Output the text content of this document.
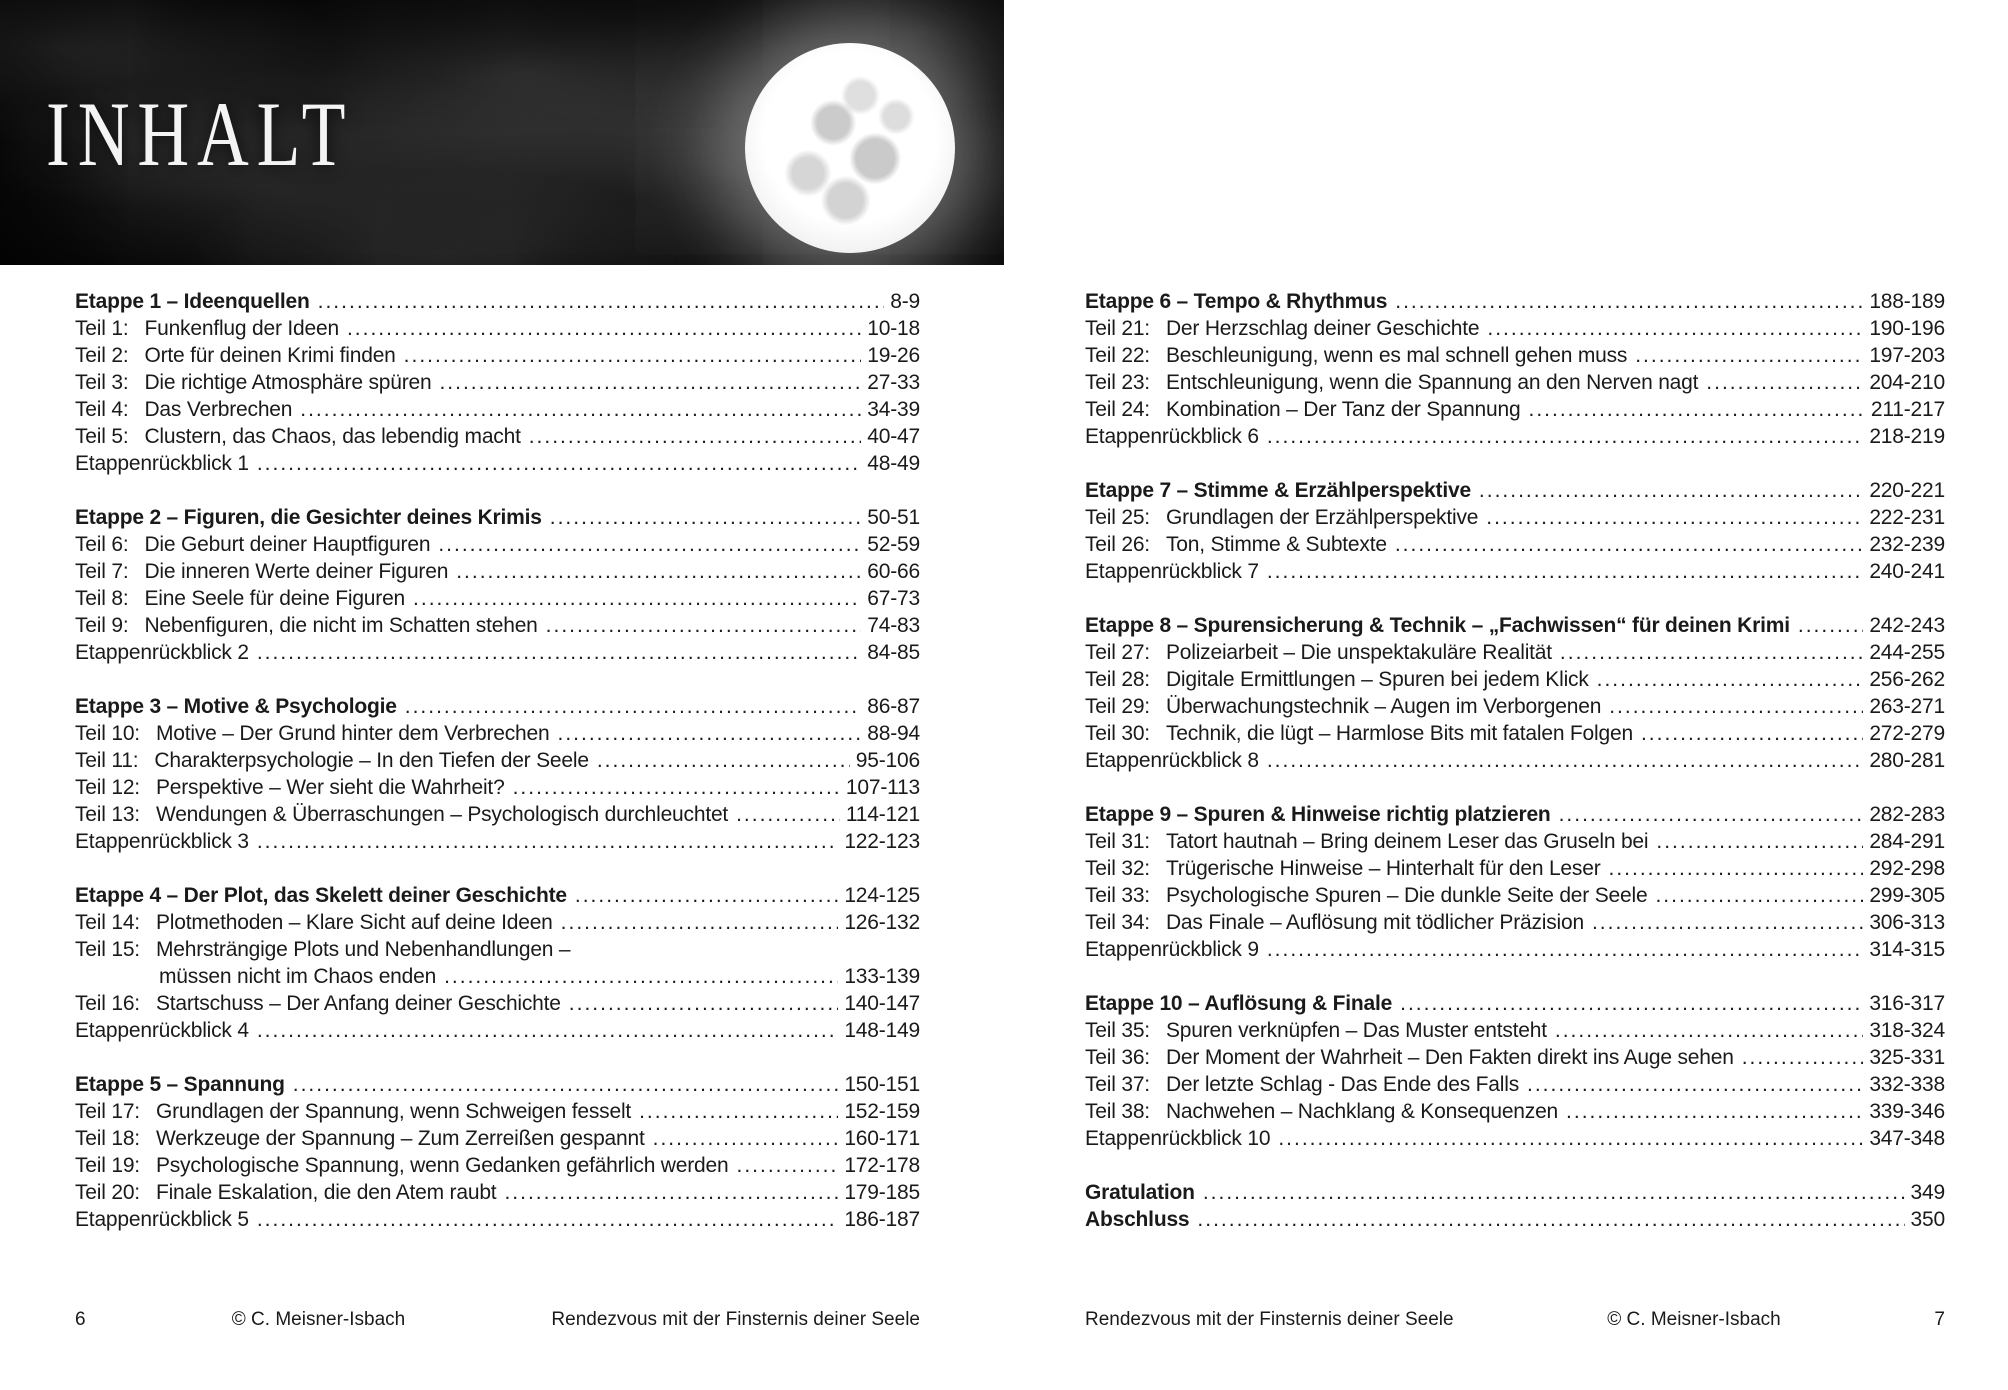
INHALT
Etappe 1 – Ideenquellen .....	8-9
Teil 1: Funkenflug der Ideen .....	10-18
Teil 2: Orte für deinen Krimi finden .....	19-26
Teil 3: Die richtige Atmosphäre spüren .....	27-33
Teil 4: Das Verbrechen .....	34-39
Teil 5: Clustern, das Chaos, das lebendig macht .....	40-47
Etappenrückblick 1 .....	48-49
Etappe 2 – Figuren, die Gesichter deines Krimis .....	50-51
Teil 6: Die Geburt deiner Hauptfiguren .....	52-59
Teil 7: Die inneren Werte deiner Figuren .....	60-66
Teil 8: Eine Seele für deine Figuren .....	67-73
Teil 9: Nebenfiguren, die nicht im Schatten stehen .....	74-83
Etappenrückblick 2 .....	84-85
Etappe 3 – Motive & Psychologie .....	86-87
Teil 10: Motive – Der Grund hinter dem Verbrechen .....	88-94
Teil 11: Charakterpsychologie – In den Tiefen der Seele .....	95-106
Teil 12: Perspektive – Wer sieht die Wahrheit? .....	107-113
Teil 13: Wendungen & Überraschungen – Psychologisch durchleuchtet .....	114-121
Etappenrückblick 3 .....	122-123
Etappe 4 – Der Plot, das Skelett deiner Geschichte .....	124-125
Teil 14: Plotmethoden – Klare Sicht auf deine Ideen .....	126-132
Teil 15: Mehrsträngige Plots und Nebenhandlungen –
müssen nicht im Chaos enden .....	133-139
Teil 16: Startschuss – Der Anfang deiner Geschichte .....	140-147
Etappenrückblick 4 .....	148-149
Etappe 5 – Spannung .....	150-151
Teil 17: Grundlagen der Spannung, wenn Schweigen fesselt .....	152-159
Teil 18: Werkzeuge der Spannung – Zum Zerreißen gespannt .....	160-171
Teil 19: Psychologische Spannung, wenn Gedanken gefährlich werden .....	172-178
Teil 20: Finale Eskalation, die den Atem raubt .....	179-185
Etappenrückblick 5 .....	186-187
Etappe 6 – Tempo & Rhythmus .....	188-189
Teil 21: Der Herzschlag deiner Geschichte .....	190-196
Teil 22: Beschleunigung, wenn es mal schnell gehen muss .....	197-203
Teil 23: Entschleunigung, wenn die Spannung an den Nerven nagt .....	204-210
Teil 24: Kombination – Der Tanz der Spannung .....	211-217
Etappenrückblick 6 .....	218-219
Etappe 7 – Stimme & Erzählperspektive .....	220-221
Teil 25: Grundlagen der Erzählperspektive .....	222-231
Teil 26: Ton, Stimme & Subtexte .....	232-239
Etappenrückblick 7 .....	240-241
Etappe 8 – Spurensicherung & Technik – „Fachwissen“ für deinen Krimi .....	242-243
Teil 27: Polizeiarbeit – Die unspektakuläre Realität .....	244-255
Teil 28: Digitale Ermittlungen – Spuren bei jedem Klick .....	256-262
Teil 29: Überwachungstechnik – Augen im Verborgenen .....	263-271
Teil 30: Technik, die lügt – Harmlose Bits mit fatalen Folgen .....	272-279
Etappenrückblick 8 .....	280-281
Etappe 9 – Spuren & Hinweise richtig platzieren .....	282-283
Teil 31: Tatort hautnah – Bring deinem Leser das Gruseln bei .....	284-291
Teil 32: Trügerische Hinweise – Hinterhalt für den Leser .....	292-298
Teil 33: Psychologische Spuren – Die dunkle Seite der Seele .....	299-305
Teil 34: Das Finale – Auflösung mit tödlicher Präzision .....	306-313
Etappenrückblick 9 .....	314-315
Etappe 10 – Auflösung & Finale .....	316-317
Teil 35: Spuren verknüpfen – Das Muster entsteht .....	318-324
Teil 36: Der Moment der Wahrheit – Den Fakten direkt ins Auge sehen .....	325-331
Teil 37: Der letzte Schlag - Das Ende des Falls .....	332-338
Teil 38: Nachwehen – Nachklang & Konsequenzen .....	339-346
Etappenrückblick 10 .....	347-348
Gratulation .....	349
Abschluss .....	350
6	© C. Meisner-Isbach	Rendezvous mit der Finsternis deiner Seele	Rendezvous mit der Finsternis deiner Seele	© C. Meisner-Isbach	7
